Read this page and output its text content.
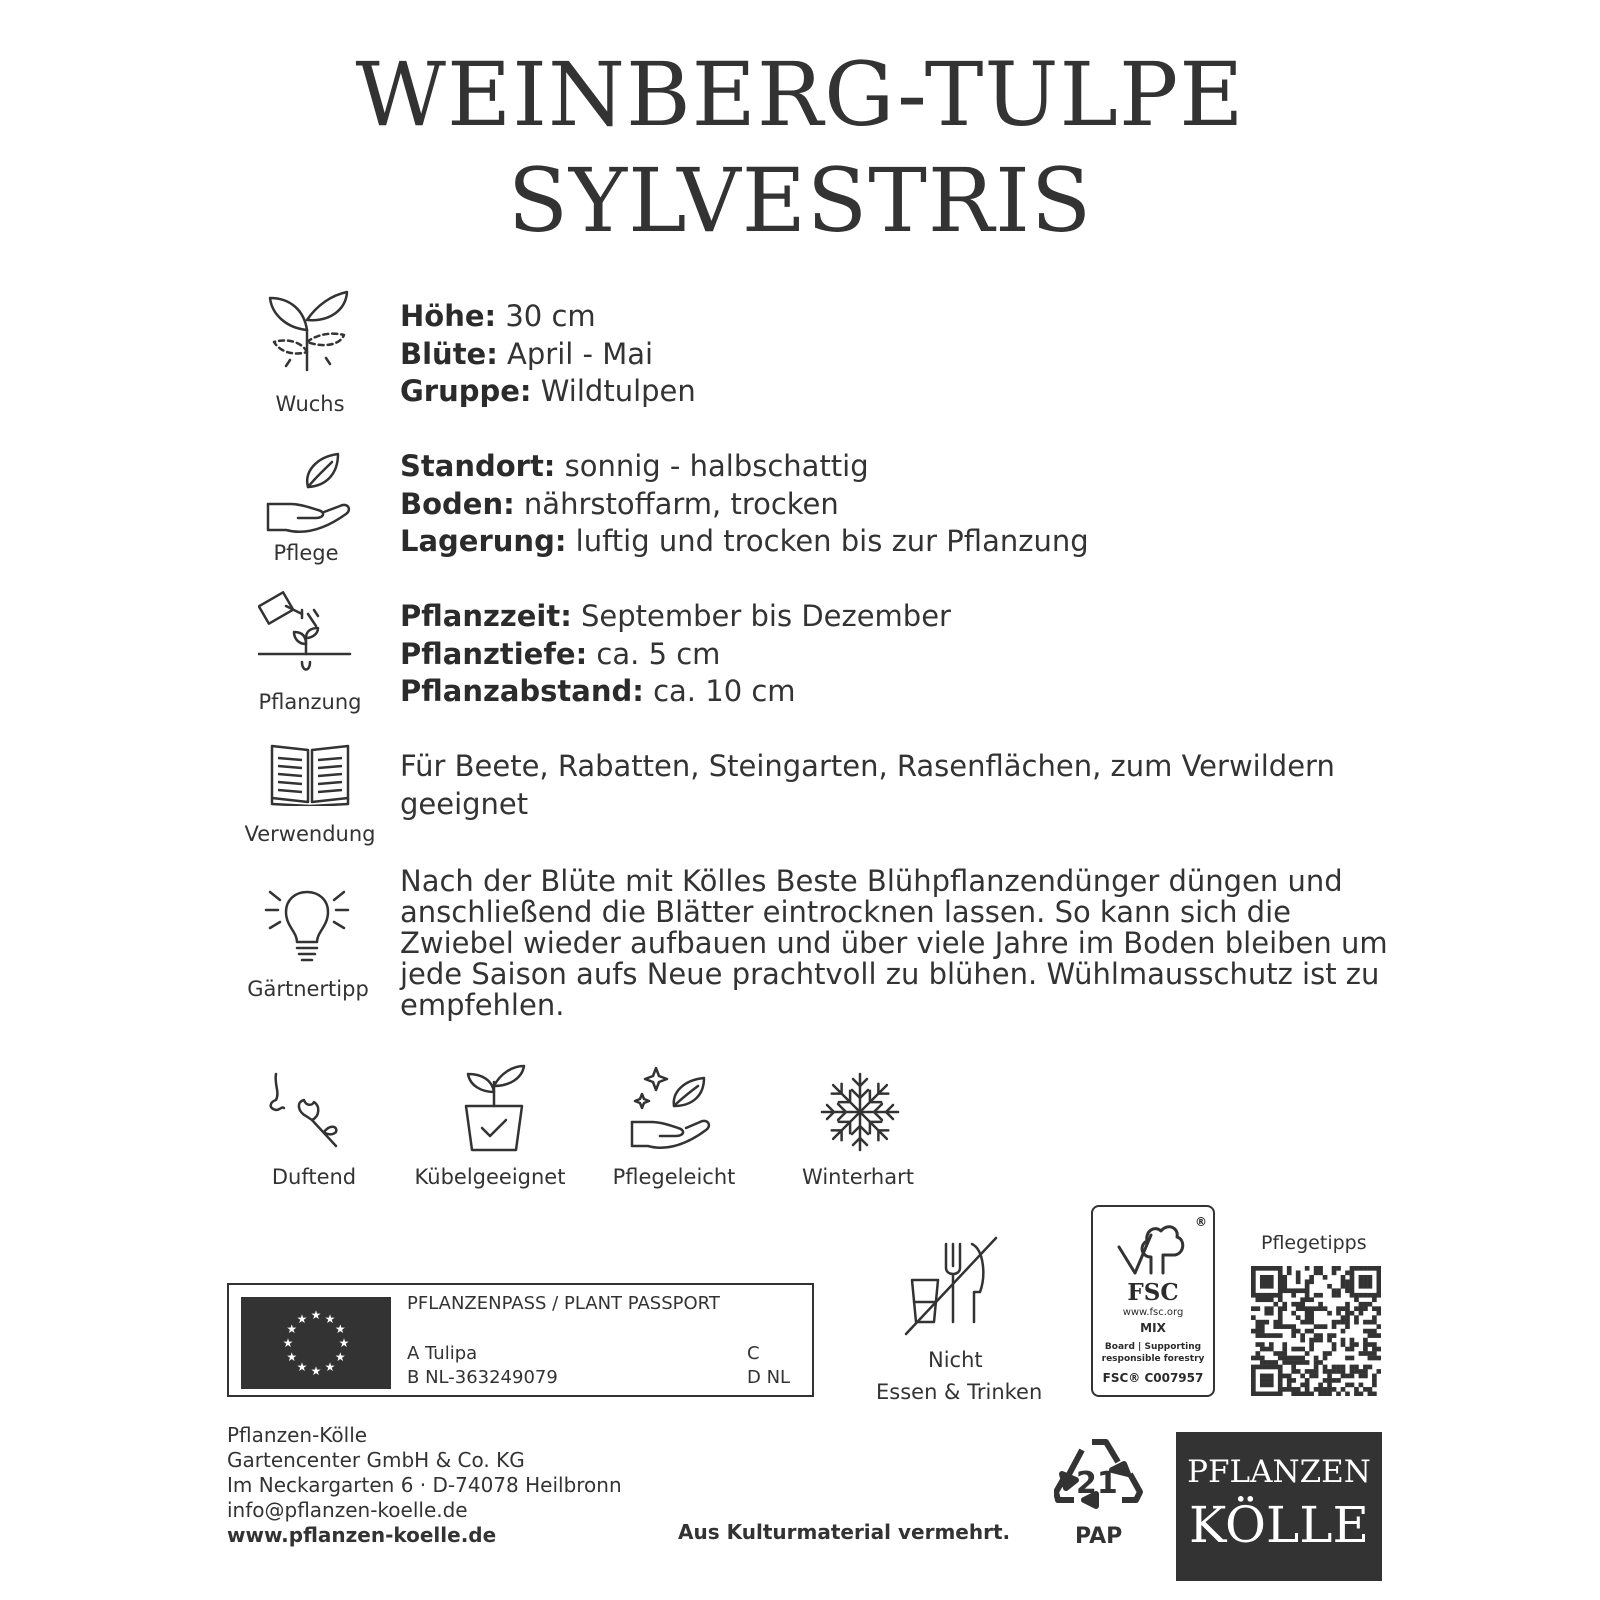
WEINBERG-TULPE
SYLVESTRIS
Wuchs
Höhe: 30 cm
Blüte: April - Mai
Gruppe: Wildtulpen
Pflege
Standort: sonnig - halbschattig
Boden: nährstoffarm, trocken
Lagerung: luftig und trocken bis zur Pflanzung
Pflanzung
Pflanzzeit: September bis Dezember
Pflanztiefe: ca. 5 cm
Pflanzabstand: ca. 10 cm
Verwendung
Für Beete, Rabatten, Steingarten, Rasenflächen, zum Verwildern
geeignet
Gärtnertipp
Nach der Blüte mit Kölles Beste Blühpflanzendünger düngen und
anschließend die Blätter eintrocknen lassen. So kann sich die
Zwiebel wieder aufbauen und über viele Jahre im Boden bleiben um
jede Saison aufs Neue prachtvoll zu blühen. Wühlmausschutz ist zu
empfehlen.
Duftend	Kübelgeeignet	Pflegeleicht	Winterhart
★ ★
★
★
★
★
★
★
★
★
★
★
PFLANZENPASS / PLANT PASSPORT
A Tulipa
B NL-363249079
C
D NL
Nicht
Essen & Trinken
®
FSC
www.fsc.org
MIX
Board | Supporting
responsible forestry
FSC® C007957
Pflegetipps
Pflanzen-Kölle
Gartencenter GmbH & Co. KG
Im Neckargarten 6 · D-74078 Heilbronn
info@pflanzen-koelle.de
www.pflanzen-koelle.de	Aus Kulturmaterial vermehrt.
21
PAP
PFLANZEN
KÖLLE
